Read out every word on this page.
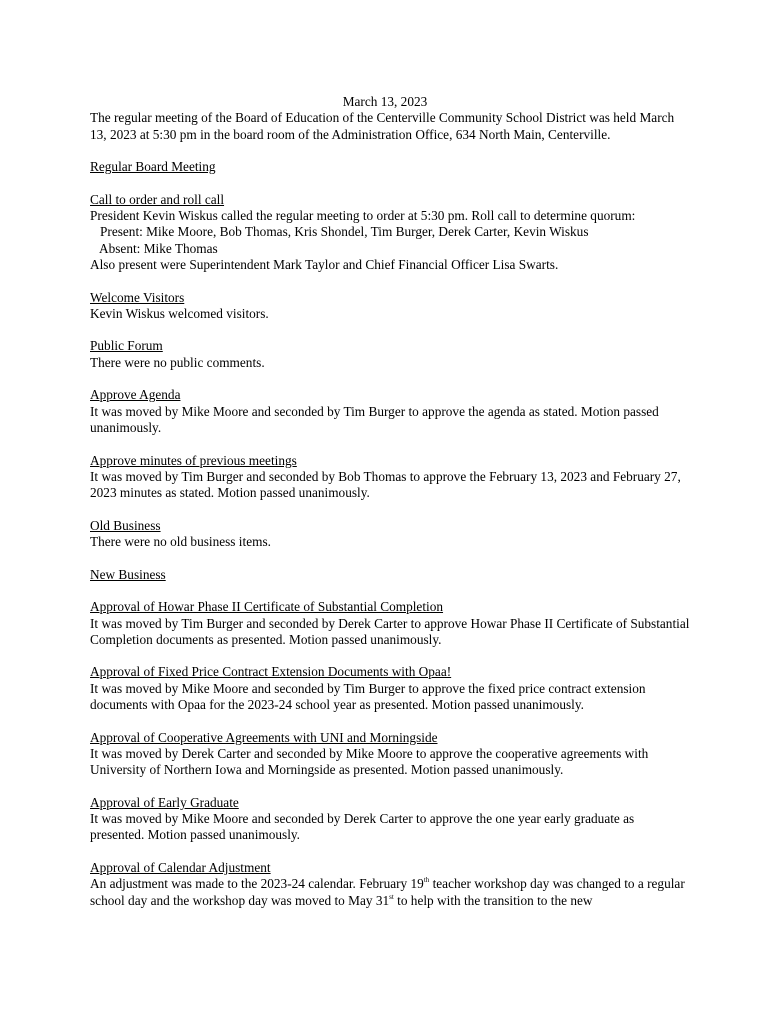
March 13, 2023

The regular meeting of the Board of Education of the Centerville Community School District was held March 13, 2023 at 5:30 pm in the board room of the Administration Office, 634 North Main, Centerville.

Regular Board Meeting

Call to order and roll call

President Kevin Wiskus called the regular meeting to order at 5:30 pm. Roll call to determine quorum:

Present: Mike Moore, Bob Thomas, Kris Shondel, Tim Burger, Derek Carter, Kevin Wiskus

Absent: Mike Thomas

Also present were Superintendent Mark Taylor and Chief Financial Officer Lisa Swarts.

Welcome Visitors

Kevin Wiskus welcomed visitors.

Public Forum

There were no public comments.

Approve Agenda

It was moved by Mike Moore and seconded by Tim Burger to approve the agenda as stated. Motion passed unanimously.

Approve minutes of previous meetings

It was moved by Tim Burger and seconded by Bob Thomas to approve the February 13, 2023 and February 27, 2023 minutes as stated. Motion passed unanimously.

Old Business

There were no old business items.

New Business

Approval of Howar Phase II Certificate of Substantial Completion

It was moved by Tim Burger and seconded by Derek Carter to approve Howar Phase II Certificate of Substantial Completion documents as presented. Motion passed unanimously.

Approval of Fixed Price Contract Extension Documents with Opaa!

It was moved by Mike Moore and seconded by Tim Burger to approve the fixed price contract extension documents with Opaa for the 2023-24 school year as presented. Motion passed unanimously.

Approval of Cooperative Agreements with UNI and Morningside

It was moved by Derek Carter and seconded by Mike Moore to approve the cooperative agreements with University of Northern Iowa and Morningside as presented. Motion passed unanimously.

Approval of Early Graduate

It was moved by Mike Moore and seconded by Derek Carter to approve the one year early graduate as presented. Motion passed unanimously.

Approval of Calendar Adjustment

An adjustment was made to the 2023-24 calendar. February 19th teacher workshop day was changed to a regular school day and the workshop day was moved to May 31st to help with the transition to the new
